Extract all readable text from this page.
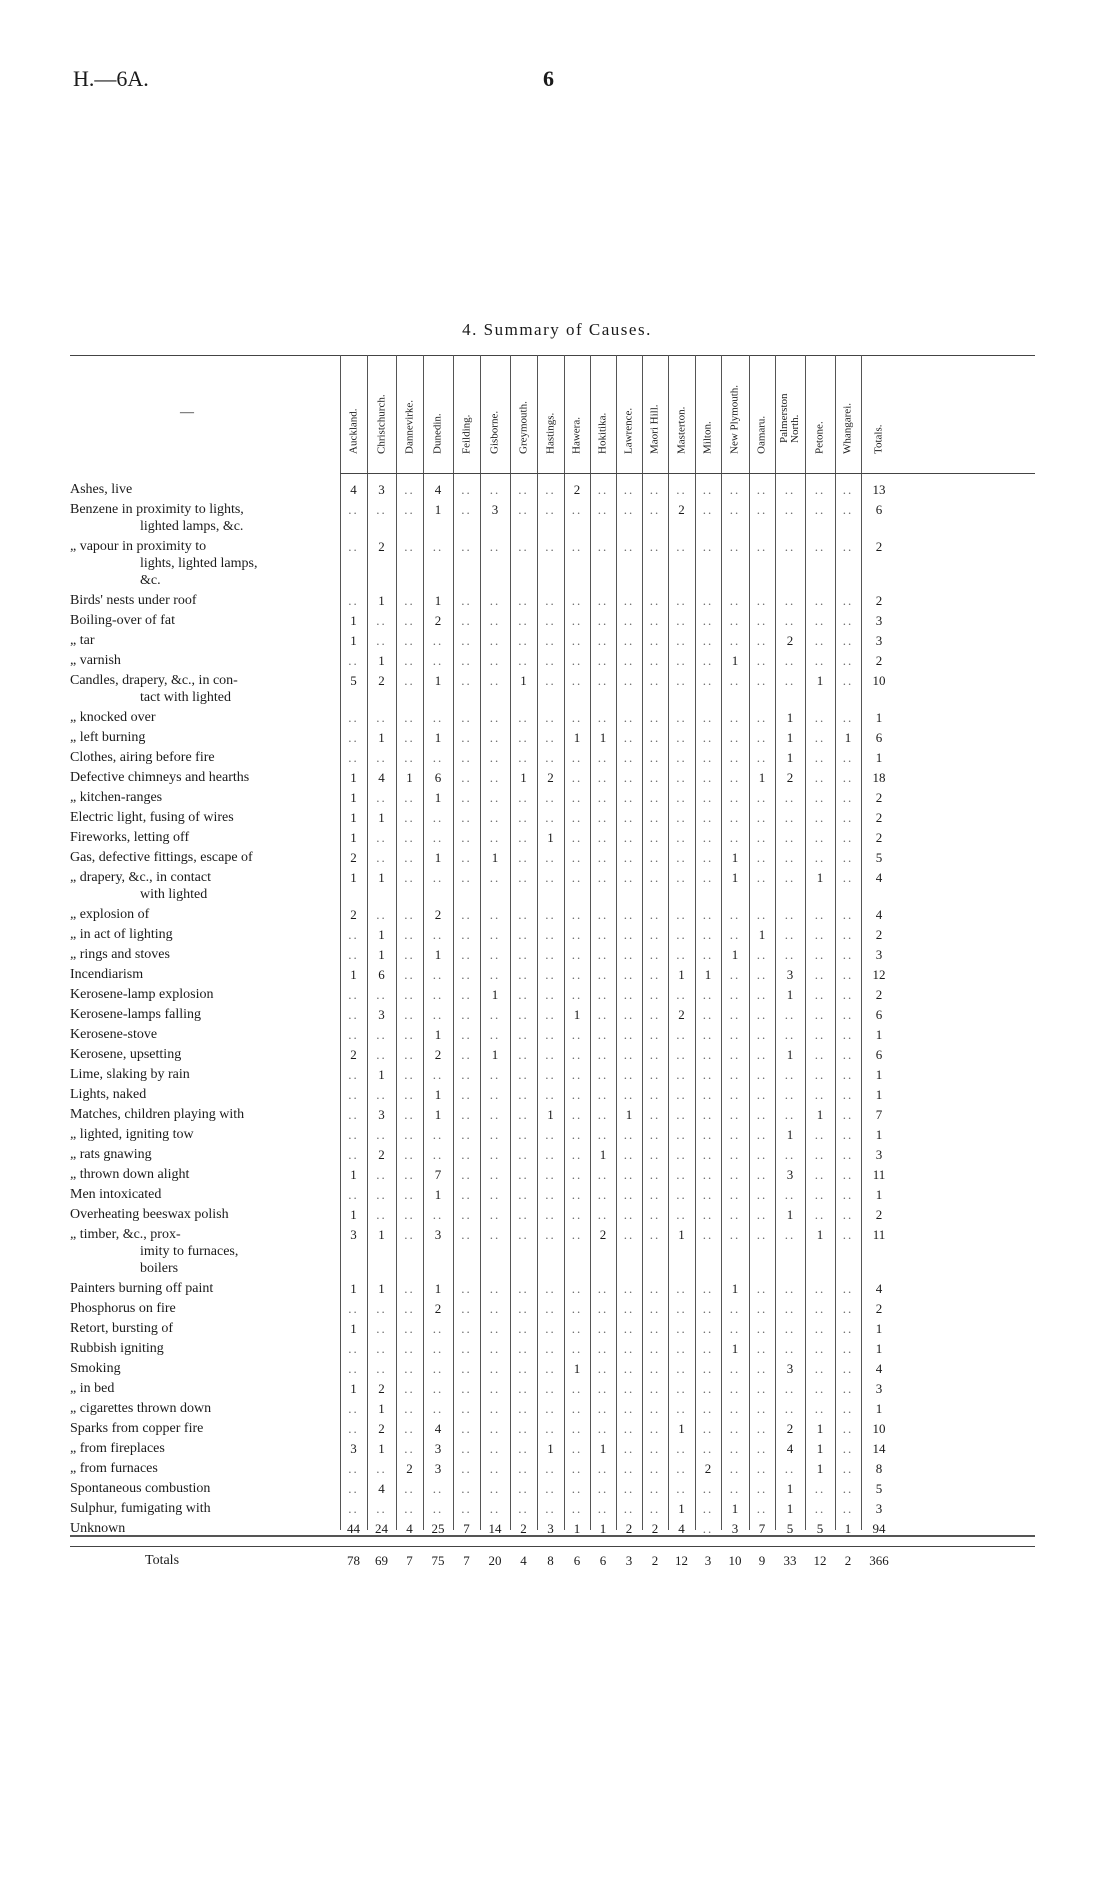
H.—6A.	6
4. Summary of Causes.
—	Auckland. Christchurch. Dannevirke. Dunedin. Feilding. Gisborne. Greymouth. Hastings. Hawera. Hokitika. Lawrence. Maori Hill. Masterton. Milton. New Plymouth. Oamaru. Palmerston
North. Petone. Whangarei. Totals.
Ashes, live	4	3	..	4	..	..	..	..	2	..	..	..	..	..	..	..	..	..	..	13
Benzene in proximity to lights,
lighted lamps, &c.
..	..	..	1	..	3	..	..	..	..	..	..	2	..	..	..	..	..	..	6
„ vapour in proximity to
lights, lighted lamps,
&c.
..	2	..	..	..	..	..	..	..	..	..	..	..	..	..	..	..	..	..	2
Birds' nests under roof	..	1	..	1	..	..	..	..	..	..	..	..	..	..	..	..	..	..	..	2
Boiling-over of fat	1	..	..	2	..	..	..	..	..	..	..	..	..	..	..	..	..	..	..	3
„ tar	1	..	..	..	..	..	..	..	..	..	..	..	..	..	..	..	2	..	..	3
„ varnish	..	1	..	..	..	..	..	..	..	..	..	..	..	..	1	..	..	..	..	2
Candles, drapery, &c., in con-
tact with lighted
5	2	..	1	..	..	1	..	..	..	..	..	..	..	..	..	..	1	..	10
„ knocked over	..	..	..	..	..	..	..	..	..	..	..	..	..	..	..	..	1	..	..	1
„ left burning	..	1	..	1	..	..	..	..	1	1	..	..	..	..	..	..	1	..	1	6
Clothes, airing before fire	..	..	..	..	..	..	..	..	..	..	..	..	..	..	..	..	1	..	..	1
Defective chimneys and hearths	1	4	1	6	..	..	1	2	..	..	..	..	..	..	..	1	2	..	..	18
„ kitchen-ranges	1	..	..	1	..	..	..	..	..	..	..	..	..	..	..	..	..	..	..	2
Electric light, fusing of wires	1	1	..	..	..	..	..	..	..	..	..	..	..	..	..	..	..	..	..	2
Fireworks, letting off	1	..	..	..	..	..	..	1	..	..	..	..	..	..	..	..	..	..	..	2
Gas, defective fittings, escape of	2	..	..	1	..	1	..	..	..	..	..	..	..	..	1	..	..	..	..	5
„ drapery, &c., in contact
with lighted
1	1	..	..	..	..	..	..	..	..	..	..	..	..	1	..	..	1	..	4
„ explosion of	2	..	..	2	..	..	..	..	..	..	..	..	..	..	..	..	..	..	..	4
„ in act of lighting	..	1	..	..	..	..	..	..	..	..	..	..	..	..	..	1	..	..	..	2
„ rings and stoves	..	1	..	1	..	..	..	..	..	..	..	..	..	..	1	..	..	..	..	3
Incendiarism	1	6	..	..	..	..	..	..	..	..	..	..	1	1	..	..	3	..	..	12
Kerosene-lamp explosion	..	..	..	..	..	1	..	..	..	..	..	..	..	..	..	..	1	..	..	2
Kerosene-lamps falling	..	3	..	..	..	..	..	..	1	..	..	..	2	..	..	..	..	..	..	6
Kerosene-stove	..	..	..	1	..	..	..	..	..	..	..	..	..	..	..	..	..	..	..	1
Kerosene, upsetting	2	..	..	2	..	1	..	..	..	..	..	..	..	..	..	..	1	..	..	6
Lime, slaking by rain	..	1	..	..	..	..	..	..	..	..	..	..	..	..	..	..	..	..	..	1
Lights, naked	..	..	..	1	..	..	..	..	..	..	..	..	..	..	..	..	..	..	..	1
Matches, children playing with	..	3	..	1	..	..	..	1	..	..	1	..	..	..	..	..	..	1	..	7
„ lighted, igniting tow	..	..	..	..	..	..	..	..	..	..	..	..	..	..	..	..	1	..	..	1
„ rats gnawing	..	2	..	..	..	..	..	..	..	1	..	..	..	..	..	..	..	..	..	3
„ thrown down alight	1	..	..	7	..	..	..	..	..	..	..	..	..	..	..	..	3	..	..	11
Men intoxicated	..	..	..	1	..	..	..	..	..	..	..	..	..	..	..	..	..	..	..	1
Overheating beeswax polish	1	..	..	..	..	..	..	..	..	..	..	..	..	..	..	..	1	..	..	2
„ timber, &c., prox-
imity to furnaces,
boilers
3	1	..	3	..	..	..	..	..	2	..	..	1	..	..	..	..	1	..	11
Painters burning off paint	1	1	..	1	..	..	..	..	..	..	..	..	..	..	1	..	..	..	..	4
Phosphorus on fire	..	..	..	2	..	..	..	..	..	..	..	..	..	..	..	..	..	..	..	2
Retort, bursting of	1	..	..	..	..	..	..	..	..	..	..	..	..	..	..	..	..	..	..	1
Rubbish igniting	..	..	..	..	..	..	..	..	..	..	..	..	..	..	1	..	..	..	..	1
Smoking	..	..	..	..	..	..	..	..	1	..	..	..	..	..	..	..	3	..	..	4
„ in bed	1	2	..	..	..	..	..	..	..	..	..	..	..	..	..	..	..	..	..	3
„ cigarettes thrown down	..	1	..	..	..	..	..	..	..	..	..	..	..	..	..	..	..	..	..	1
Sparks from copper fire	..	2	..	4	..	..	..	..	..	..	..	..	1	..	..	..	2	1	..	10
„ from fireplaces	3	1	..	3	..	..	..	1	..	1	..	..	..	..	..	..	4	1	..	14
„ from furnaces	..	..	2	3	..	..	..	..	..	..	..	..	..	2	..	..	..	1	..	8
Spontaneous combustion	..	4	..	..	..	..	..	..	..	..	..	..	..	..	..	..	1	..	..	5
Sulphur, fumigating with	..	..	..	..	..	..	..	..	..	..	..	..	1	..	1	..	1	..	..	3
Unknown	44	24	4	25	7	14	2	3	1	1	2	2	4	..	3	7	5	5	1	94
Totals	78	69	7	75	7	20	4	8	6	6	3	2	12	3	10	9	33	12	2	366
